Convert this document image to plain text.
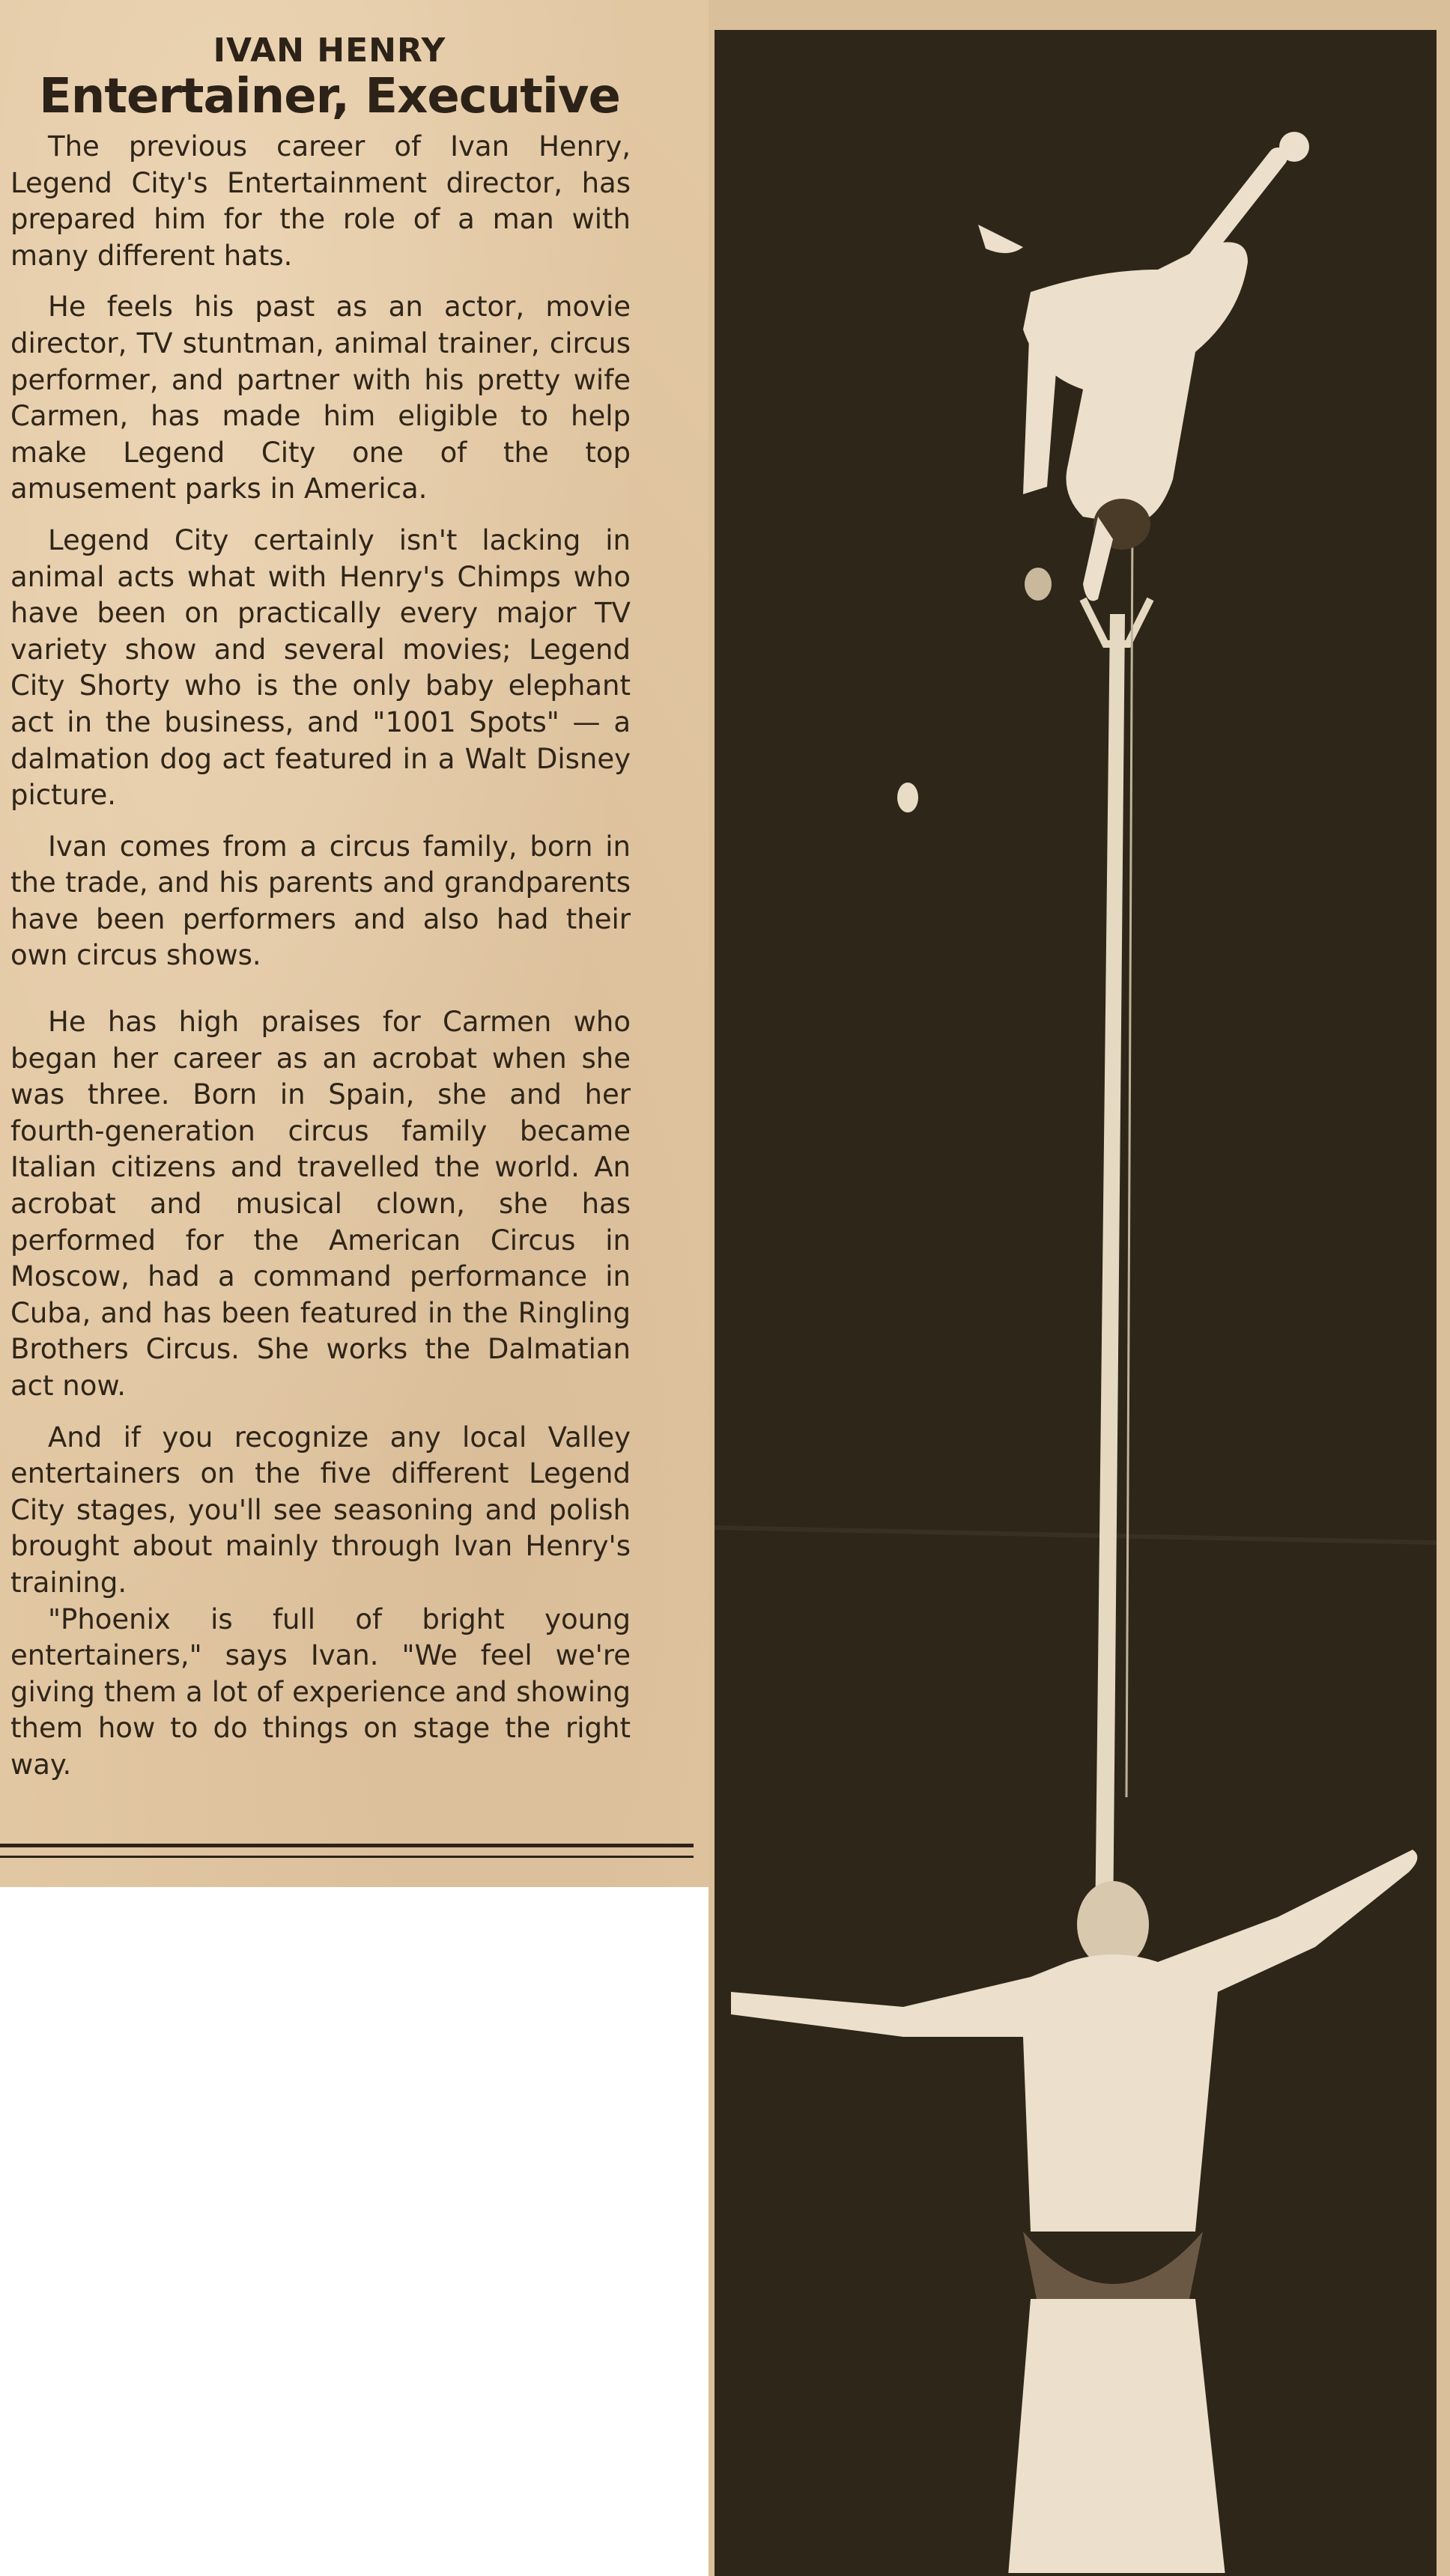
IVAN HENRY
Entertainer, Executive

The previous career of Ivan Henry, Legend City's Entertainment director, has prepared him for the role of a man with many different hats.

He feels his past as an actor, movie director, TV stuntman, animal trainer, circus performer, and partner with his pretty wife Carmen, has made him eligible to help make Legend City one of the top amusement parks in America.

Legend City certainly isn't lacking in animal acts what with Henry's Chimps who have been on practically every major TV variety show and several movies; Legend City Shorty who is the only baby elephant act in the business, and "1001 Spots" — a dalmation dog act featured in a Walt Disney picture.

Ivan comes from a circus family, born in the trade, and his parents and grandparents have been performers and also had their own circus shows.

He has high praises for Carmen who began her career as an acrobat when she was three. Born in Spain, she and her fourth-generation circus family became Italian citizens and travelled the world. An acrobat and musical clown, she has performed for the American Circus in Moscow, had a command performance in Cuba, and has been featured in the Ringling Brothers Circus. She works the Dalmatian act now.

And if you recognize any local Valley entertainers on the five different Legend City stages, you'll see seasoning and polish brought about mainly through Ivan Henry's training.

"Phoenix is full of bright young entertainers," says Ivan. "We feel we're giving them a lot of experience and showing them how to do things on stage the right way.
